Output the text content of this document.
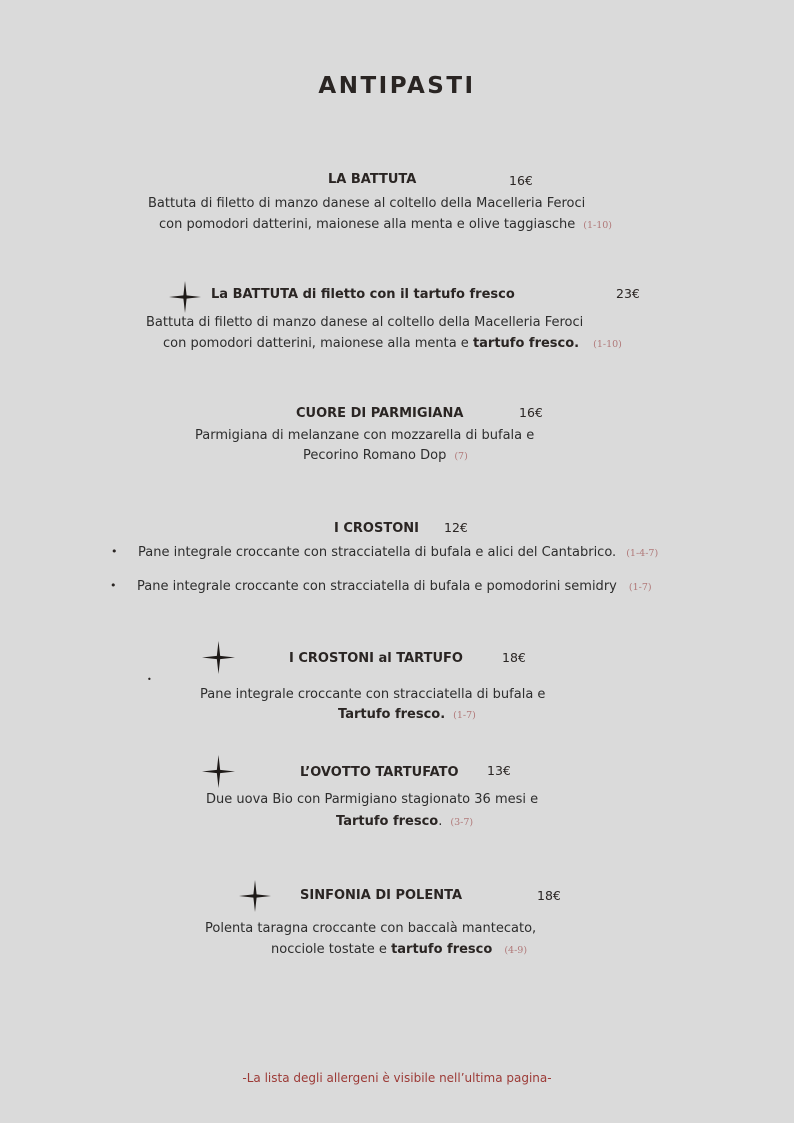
ANTIPASTI
LA BATTUTA	16€
Battuta di filetto di manzo danese al coltello della Macelleria Feroci
con pomodori datterini, maionese alla menta e olive taggiasche (1-10)
La BATTUTA di filetto con il tartufo fresco	23€
Battuta di filetto di manzo danese al coltello della Macelleria Feroci
con pomodori datterini, maionese alla menta e tartufo fresco. (1-10)
CUORE DI PARMIGIANA	16€
Parmigiana di melanzane con mozzarella di bufala e
Pecorino Romano Dop (7)
I CROSTONI 12€
• Pane integrale croccante con stracciatella di bufala e alici del Cantabrico. (1-4-7)
• Pane integrale croccante con stracciatella di bufala e pomodorini semidry (1-7)
•
I CROSTONI al TARTUFO	18€
Pane integrale croccante con stracciatella di bufala e
Tartufo fresco. (1-7)
L’OVOTTO TARTUFATO 13€
Due uova Bio con Parmigiano stagionato 36 mesi e
Tartufo fresco. (3-7)
SINFONIA DI POLENTA	18€
Polenta taragna croccante con baccalà mantecato,
nocciole tostate e tartufo fresco (4-9)
-La lista degli allergeni è visibile nell’ultima pagina-
